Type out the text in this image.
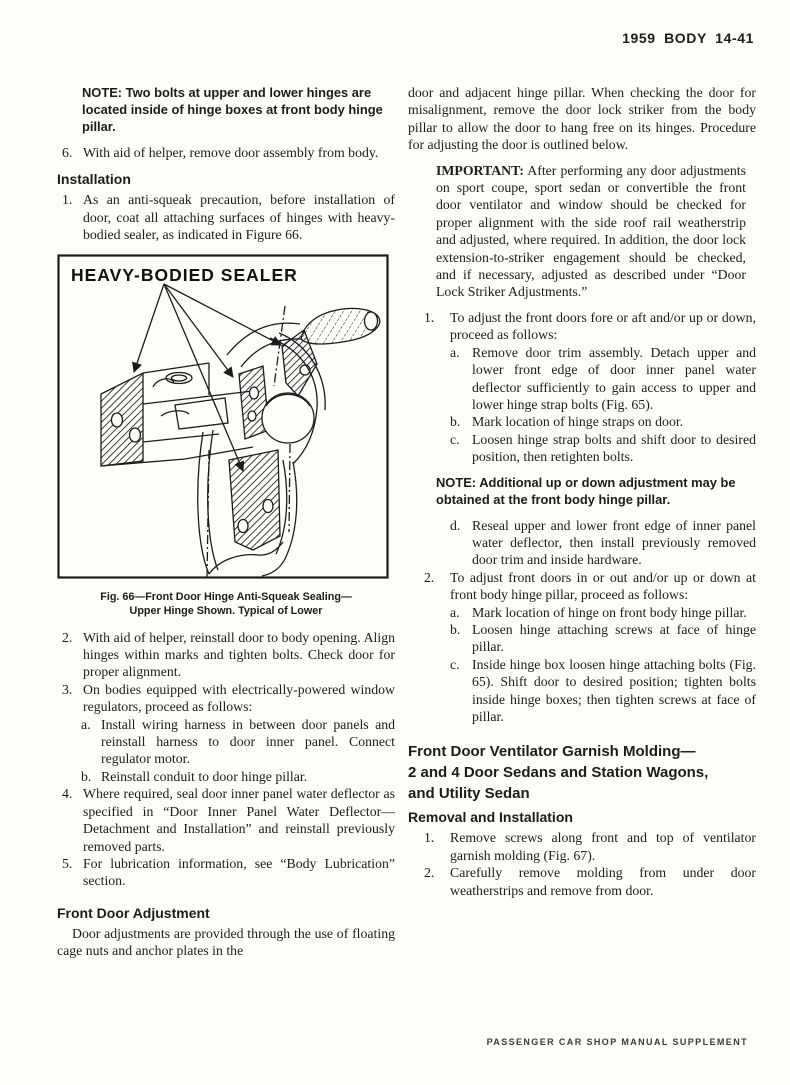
1959 BODY 14-41
NOTE: Two bolts at upper and lower hinges are located inside of hinge boxes at front body hinge pillar.
6. With aid of helper, remove door assembly from body.
Installation
1. As an anti-squeak precaution, before installation of door, coat all attaching surfaces of hinges with heavy-bodied sealer, as indicated in Figure 66.
HEAVY-BODIED SEALER
Fig. 66—Front Door Hinge Anti-Squeak Sealing—
Upper Hinge Shown. Typical of Lower
2. With aid of helper, reinstall door to body opening. Align hinges within marks and tighten bolts. Check door for proper alignment.
3. On bodies equipped with electrically-powered window regulators, proceed as follows:
a. Install wiring harness in between door panels and reinstall harness to door inner panel. Connect regulator motor.
b. Reinstall conduit to door hinge pillar.
4. Where required, seal door inner panel water deflector as specified in “Door Inner Panel Water Deflector—Detachment and Installation” and reinstall previously removed parts.
5. For lubrication information, see “Body Lubrication” section.
Front Door Adjustment
Door adjustments are provided through the use of floating cage nuts and anchor plates in the
door and adjacent hinge pillar. When checking the door for misalignment, remove the door lock striker from the body pillar to allow the door to hang free on its hinges. Procedure for adjusting the door is outlined below.
IMPORTANT: After performing any door adjustments on sport coupe, sport sedan or convertible the front door ventilator and window should be checked for proper alignment with the side roof rail weatherstrip and adjusted, where required. In addition, the door lock extension-to-striker engagement should be checked, and if necessary, adjusted as described under “Door Lock Striker Adjustments.”
1.	To adjust the front doors fore or aft and/or up or down, proceed as follows:
a. Remove door trim assembly. Detach upper and lower front edge of door inner panel water deflector sufficiently to gain access to upper and lower hinge strap bolts (Fig. 65).
b. Mark location of hinge straps on door.
c. Loosen hinge strap bolts and shift door to desired position, then retighten bolts.
NOTE: Additional up or down adjustment may be obtained at the front body hinge pillar.
d. Reseal upper and lower front edge of inner panel water deflector, then install previously removed door trim and inside hardware.
2.	To adjust front doors in or out and/or up or down at front body hinge pillar, proceed as follows:
a. Mark location of hinge on front body hinge pillar.
b. Loosen hinge attaching screws at face of hinge pillar.
c. Inside hinge box loosen hinge attaching bolts (Fig. 65). Shift door to desired position; tighten bolts inside hinge boxes; then tighten screws at face of pillar.
Front Door Ventilator Garnish Molding—
2 and 4 Door Sedans and Station Wagons,
and Utility Sedan
Removal and Installation
1.	Remove screws along front and top of ventilator garnish molding (Fig. 67).
2.	Carefully remove molding from under door weatherstrips and remove from door.
PASSENGER CAR SHOP MANUAL SUPPLEMENT
